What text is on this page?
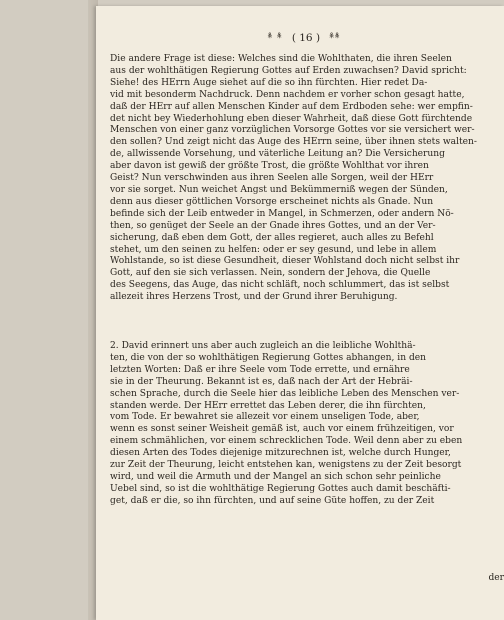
*̊ *̊ ( 16 ) *̊*̊
Die andere Frage ist diese: Welches sind die Wohlthaten, die ihren Seelen
aus der wohlthätigen Regierung Gottes auf Erden zuwachsen? David spricht:
Siehe! des HErrn Auge siehet auf die so ihn fürchten. Hier redet Da-
vid mit besonderm Nachdruck. Denn nachdem er vorher schon gesagt hatte,
daß der HErr auf allen Menschen Kinder auf dem Erdboden sehe: wer empfin-
det nicht bey Wiederhohlung eben dieser Wahrheit, daß diese Gott fürchtende
Menschen von einer ganz vorzüglichen Vorsorge Gottes vor sie versichert wer-
den sollen? Und zeigt nicht das Auge des HErrn seine, über ihnen stets walten-
de, allwissende Vorsehung, und väterliche Leitung an? Die Versicherung
aber davon ist gewiß der größte Trost, die größte Wohlthat vor ihren
Geist? Nun verschwinden aus ihren Seelen alle Sorgen, weil der HErr
vor sie sorget. Nun weichet Angst und Bekümmerniß wegen der Sünden,
denn aus dieser göttlichen Vorsorge erscheinet nichts als Gnade. Nun
befinde sich der Leib entweder in Mangel, in Schmerzen, oder andern Nö-
then, so genüget der Seele an der Gnade ihres Gottes, und an der Ver-
sicherung, daß eben dem Gott, der alles regieret, auch alles zu Befehl
stehet, um den seinen zu helfen: oder er sey gesund, und lebe in allem
Wohlstande, so ist diese Gesundheit, dieser Wohlstand doch nicht selbst ihr
Gott, auf den sie sich verlassen. Nein, sondern der Jehova, die Quelle
des Seegens, das Auge, das nicht schläft, noch schlummert, das ist selbst
allezeit ihres Herzens Trost, und der Grund ihrer Beruhigung.
2. David erinnert uns aber auch zugleich an die leibliche Wohlthä-
ten, die von der so wohlthätigen Regierung Gottes abhangen, in den
letzten Worten: Daß er ihre Seele vom Tode errette, und ernähre
sie in der Theurung. Bekannt ist es, daß nach der Art der Hebräi-
schen Sprache, durch die Seele hier das leibliche Leben des Menschen ver-
standen werde. Der HErr errettet das Leben derer, die ihn fürchten,
vom Tode. Er bewahret sie allezeit vor einem unseligen Tode, aber,
wenn es sonst seiner Weisheit gemäß ist, auch vor einem frühzeitigen, vor
einem schmählichen, vor einem schrecklichen Tode. Weil denn aber zu eben
diesen Arten des Todes diejenige mitzurechnen ist, welche durch Hunger,
zur Zeit der Theurung, leicht entstehen kan, wenigstens zu der Zeit besorgt
wird, und weil die Armuth und der Mangel an sich schon sehr peinliche
Uebel sind, so ist die wohlthätige Regierung Gottes auch damit beschäfti-
get, daß er die, so ihn fürchten, und auf seine Güte hoffen, zu der Zeit
der
